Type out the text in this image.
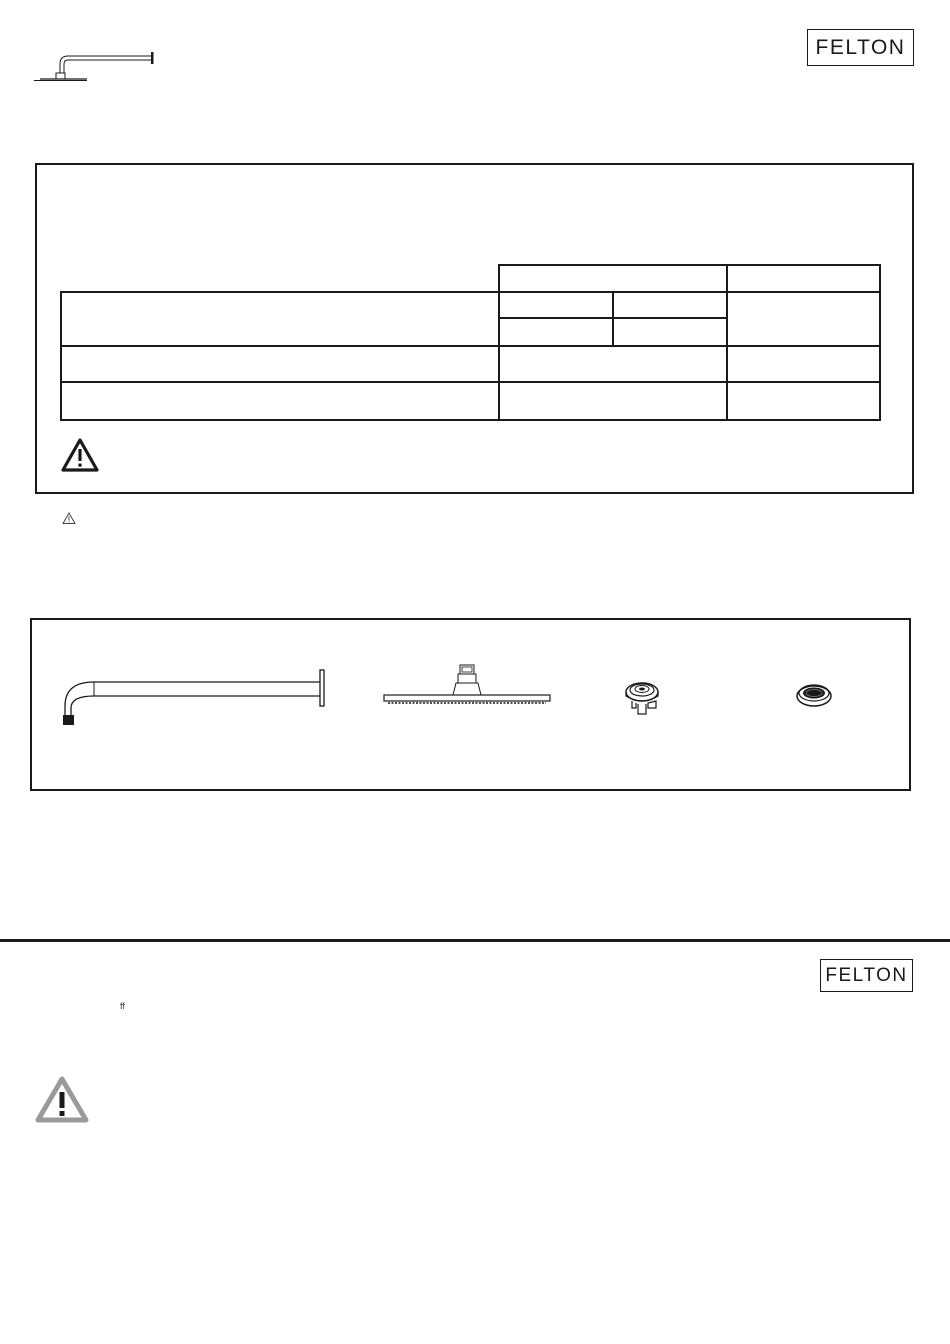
FELTON
FELTON
ff
